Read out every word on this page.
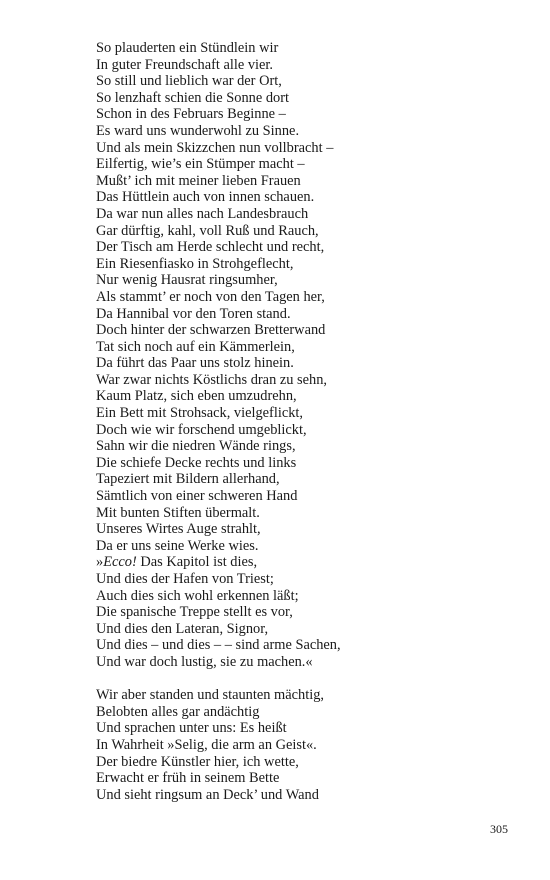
So plauderten ein Stündlein wir
In guter Freundschaft alle vier.
So still und lieblich war der Ort,
So lenzhaft schien die Sonne dort
Schon in des Februars Beginne –
Es ward uns wunderwohl zu Sinne.
Und als mein Skizzchen nun vollbracht –
Eilfertig, wie’s ein Stümper macht –
Mußt’ ich mit meiner lieben Frauen
Das Hüttlein auch von innen schauen.
Da war nun alles nach Landesbrauch
Gar dürftig, kahl, voll Ruß und Rauch,
Der Tisch am Herde schlecht und recht,
Ein Riesenfiasko in Strohgeflecht,
Nur wenig Hausrat ringsumher,
Als stammt’ er noch von den Tagen her,
Da Hannibal vor den Toren stand.
Doch hinter der schwarzen Bretterwand
Tat sich noch auf ein Kämmerlein,
Da führt das Paar uns stolz hinein.
War zwar nichts Köstlichs dran zu sehn,
Kaum Platz, sich eben umzudrehn,
Ein Bett mit Strohsack, vielgeflickt,
Doch wie wir forschend umgeblickt,
Sahn wir die niedren Wände rings,
Die schiefe Decke rechts und links
Tapeziert mit Bildern allerhand,
Sämtlich von einer schweren Hand
Mit bunten Stiften übermalt.
Unseres Wirtes Auge strahlt,
Da er uns seine Werke wies.
»Ecco! Das Kapitol ist dies,
Und dies der Hafen von Triest;
Auch dies sich wohl erkennen läßt;
Die spanische Treppe stellt es vor,
Und dies den Lateran, Signor,
Und dies – und dies – – sind arme Sachen,
Und war doch lustig, sie zu machen.«
Wir aber standen und staunten mächtig,
Belobten alles gar andächtig
Und sprachen unter uns: Es heißt
In Wahrheit »Selig, die arm an Geist«.
Der biedre Künstler hier, ich wette,
Erwacht er früh in seinem Bette
Und sieht ringsum an Deck’ und Wand
305
